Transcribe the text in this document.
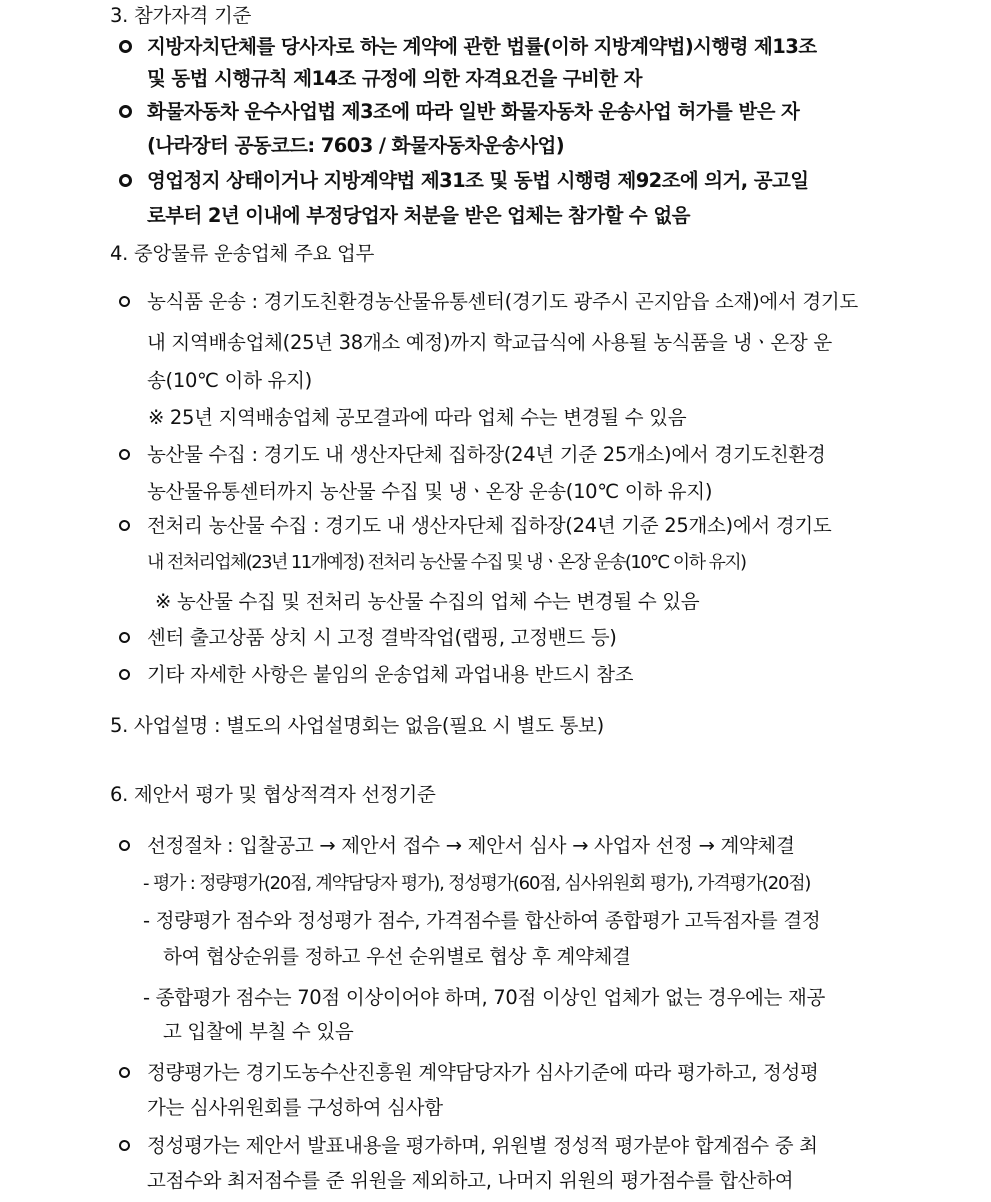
3. 참가자격 기준
지방자치단체를 당사자로 하는 계약에 관한 법률(이하 지방계약법)시행령 제13조
및 동법 시행규칙 제14조 규정에 의한 자격요건을 구비한 자
화물자동차 운수사업법 제3조에 따라 일반 화물자동차 운송사업 허가를 받은 자
(나라장터 공동코드: 7603 / 화물자동차운송사업)
영업정지 상태이거나 지방계약법 제31조 및 동법 시행령 제92조에 의거, 공고일
로부터 2년 이내에 부정당업자 처분을 받은 업체는 참가할 수 없음
4. 중앙물류 운송업체 주요 업무
농식품 운송 : 경기도친환경농산물유통센터(경기도 광주시 곤지암읍 소재)에서 경기도
내 지역배송업체(25년 38개소 예정)까지 학교급식에 사용될 농식품을 냉ㆍ온장 운
송(10℃ 이하 유지)
※ 25년 지역배송업체 공모결과에 따라 업체 수는 변경될 수 있음
농산물 수집 : 경기도 내 생산자단체 집하장(24년 기준 25개소)에서 경기도친환경
농산물유통센터까지 농산물 수집 및 냉ㆍ온장 운송(10℃ 이하 유지)
전처리 농산물 수집 : 경기도 내 생산자단체 집하장(24년 기준 25개소)에서 경기도
내 전처리업체(23년 11개예정) 전처리 농산물 수집 및 냉ㆍ온장 운송(10℃ 이하 유지)
※ 농산물 수집 및 전처리 농산물 수집의 업체 수는 변경될 수 있음
센터 출고상품 상치 시 고정 결박작업(랩핑, 고정밴드 등)
기타 자세한 사항은 붙임의 운송업체 과업내용 반드시 참조
5. 사업설명 : 별도의 사업설명회는 없음(필요 시 별도 통보)
6. 제안서 평가 및 협상적격자 선정기준
선정절차 : 입찰공고 → 제안서 접수 → 제안서 심사 → 사업자 선정 → 계약체결
- 평가 : 정량평가(20점, 계약담당자 평가), 정성평가(60점, 심사위원회 평가), 가격평가(20점)
- 정량평가 점수와 정성평가 점수, 가격점수를 합산하여 종합평가 고득점자를 결정
하여 협상순위를 정하고 우선 순위별로 협상 후 계약체결
- 종합평가 점수는 70점 이상이어야 하며, 70점 이상인 업체가 없는 경우에는 재공
고 입찰에 부칠 수 있음
정량평가는 경기도농수산진흥원 계약담당자가 심사기준에 따라 평가하고, 정성평
가는 심사위원회를 구성하여 심사함
정성평가는 제안서 발표내용을 평가하며, 위원별 정성적 평가분야 합계점수 중 최
고점수와 최저점수를 준 위원을 제외하고, 나머지 위원의 평가점수를 합산하여
